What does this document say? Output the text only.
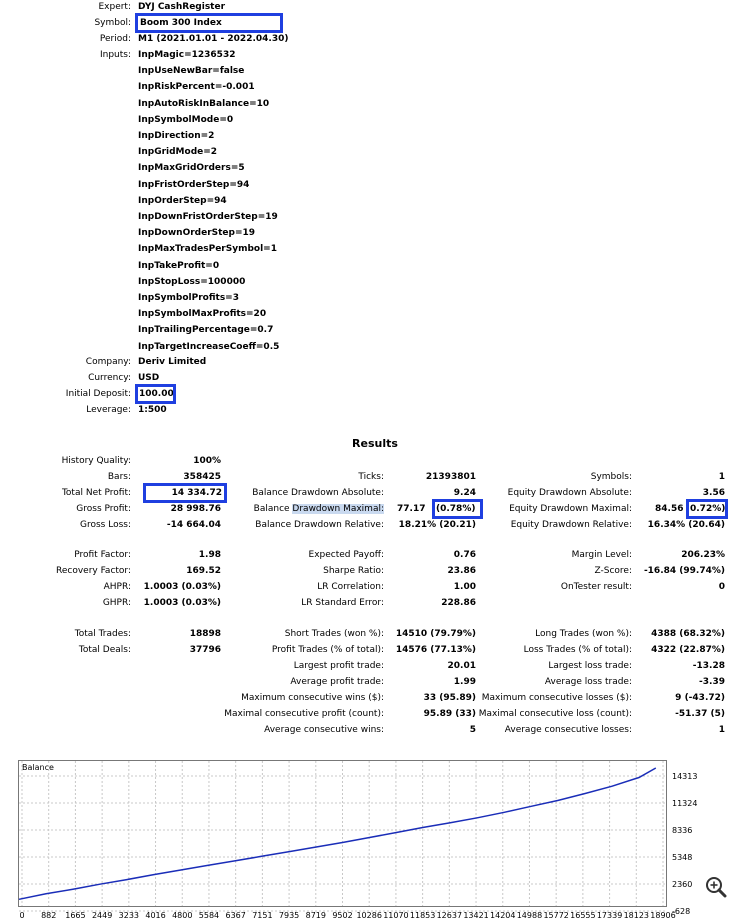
Expert: DYJ CashRegister
Symbol: Boom 300 Index
Period: M1 (2021.01.01 - 2022.04.30)
Inputs: InpMagic=1236532
InpUseNewBar=false
InpRiskPercent=-0.001
InpAutoRiskInBalance=10
InpSymbolMode=0
InpDirection=2
InpGridMode=2
InpMaxGridOrders=5
InpFristOrderStep=94
InpOrderStep=94
InpDownFristOrderStep=19
InpDownOrderStep=19
InpMaxTradesPerSymbol=1
InpTakeProfit=0
InpStopLoss=100000
InpSymbolProfits=3
InpSymbolMaxProfits=20
InpTrailingPercentage=0.7
InpTargetIncreaseCoeff=0.5
Company: Deriv Limited
Currency: USD
Initial Deposit: 100.00
Leverage: 1:500
Results
History Quality:	100%
Bars:	358425	Ticks:	21393801	Symbols:	1
Total Net Profit:	14 334.72	Balance Drawdown Absolute:	9.24	Equity Drawdown Absolute:	3.56
Gross Profit:	28 998.76	Balance Drawdown Maximal: 77.17 (0.78%)	Equity Drawdown Maximal:	84.56 0.72%)
Gross Loss:	-14 664.04	Balance Drawdown Relative:	18.21% (20.21)	Equity Drawdown Relative:	16.34% (20.64)
Profit Factor:	1.98	Expected Payoff:	0.76	Margin Level:	206.23%
Recovery Factor:	169.52	Sharpe Ratio:	23.86	Z-Score:	-16.84 (99.74%)
AHPR:	1.0003 (0.03%)	LR Correlation:	1.00	OnTester result:	0
GHPR:	1.0003 (0.03%)	LR Standard Error:	228.86
Total Trades:	18898	Short Trades (won %):	14510 (79.79%)	Long Trades (won %):	4388 (68.32%)
Total Deals:	37796	Profit Trades (% of total):	14576 (77.13%)	Loss Trades (% of total):	4322 (22.87%)
Largest profit trade:	20.01	Largest loss trade:	-13.28
Average profit trade:	1.99	Average loss trade:	-3.39
Maximum consecutive wins ($):	33 (95.89) Maximum consecutive losses ($):	9 (-43.72)
Maximal consecutive profit (count):	95.89 (33) Maximal consecutive loss (count):	-51.37 (5)
Average consecutive wins:	5	Average consecutive losses:	1
Balance
0 882 1665 2449 3233 4016 4800 5584 6367 7151 7935 8719 9502 10286 11070 11853 12637 13421 14204 14988 15772 16555 17339 18123 18906
14313
11324
8336
5348
2360
-628
